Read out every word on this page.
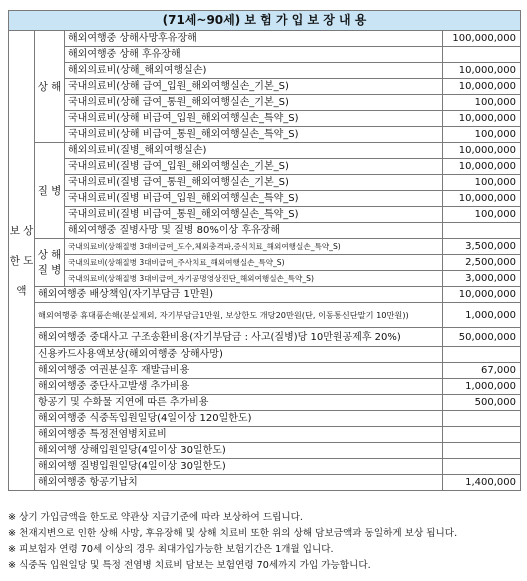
(71세~90세) 보 험 가 입 보 장 내 용			
보 상 한 도 액	상 해	해외여행중 상해사망후유장해	100,000,000
		해외여행중 상해 후유장해	
		해외의료비(상해_해외여행실손)	10,000,000
		국내의료비(상해 급여_입원_해외여행실손_기본_S)	10,000,000
		국내의료비(상해 급여_통원_해외여행실손_기본_S)	100,000
		국내의료비(상해 비급여_입원_해외여행실손_특약_S)	10,000,000
		국내의료비(상해 비급여_통원_해외여행실손_특약_S)	100,000
	질 병	해외의료비(질병_해외여행실손)	10,000,000
		국내의료비(질병 급여_입원_해외여행실손_기본_S)	10,000,000
		국내의료비(질병 급여_통원_해외여행실손_기본_S)	100,000
		국내의료비(질병 비급여_입원_해외여행실손_특약_S)	10,000,000
		국내의료비(질병 비급여_통원_해외여행실손_특약_S)	100,000
		해외여행중 질병사망 및 질병 80%이상 후유장해	
	상 해 질 병	국내의료비(상해질병 3대비급여_도수,체외충격파,증식치료_해외여행실손_특약_S)	3,500,000
		국내의료비(상해질병 3대비급여_주사치료_해외여행실손_특약_S)	2,500,000
		국내의료비(상해질병 3대비급여_자기공명영상진단_해외여행실손_특약_S)	3,000,000
	해외여행중 배상책임(자기부담금 1만원)		10,000,000
	해외여행중 휴대품손해(분실제외, 자기부담금1만원, 보상한도 개당20만원(단, 이동통신단말기 10만원))		1,000,000
	해외여행중 중대사고 구조송환비용(자기부담금 : 사고(질병)당 10만원공제후 20%)		50,000,000
	신용카드사용액보상(해외여행중 상해사망)		
	해외여행중 여권분실후 재발급비용		67,000
	해외여행중 중단사고발생 추가비용		1,000,000
	항공기 및 수화물 지연에 따른 추가비용		500,000
	해외여행중 식중독입원일당(4일이상 120일한도)		
	해외여행중 특정전염병치료비		
	해외여행 상해입원일당(4일이상 30일한도)		
	해외여행 질병입원일당(4일이상 30일한도)		
	해외여행중 항공기납치		1,400,000
※ 상기 가입금액을 한도로 약관상 지급기준에 따라 보상하여 드립니다.
※ 천재지변으로 인한 상해 사망, 후유장해 및 상해 치료비 또한 위의 상해 담보금액과 동일하게 보상 됩니다.
※ 피보험자 연령 70세 이상의 경우 최대가입가능한 보험기간은 1개월 입니다.
※ 식중독 입원일당 및 특정 전염병 치료비 담보는 보험연령 70세까지 가입 가능합니다.
